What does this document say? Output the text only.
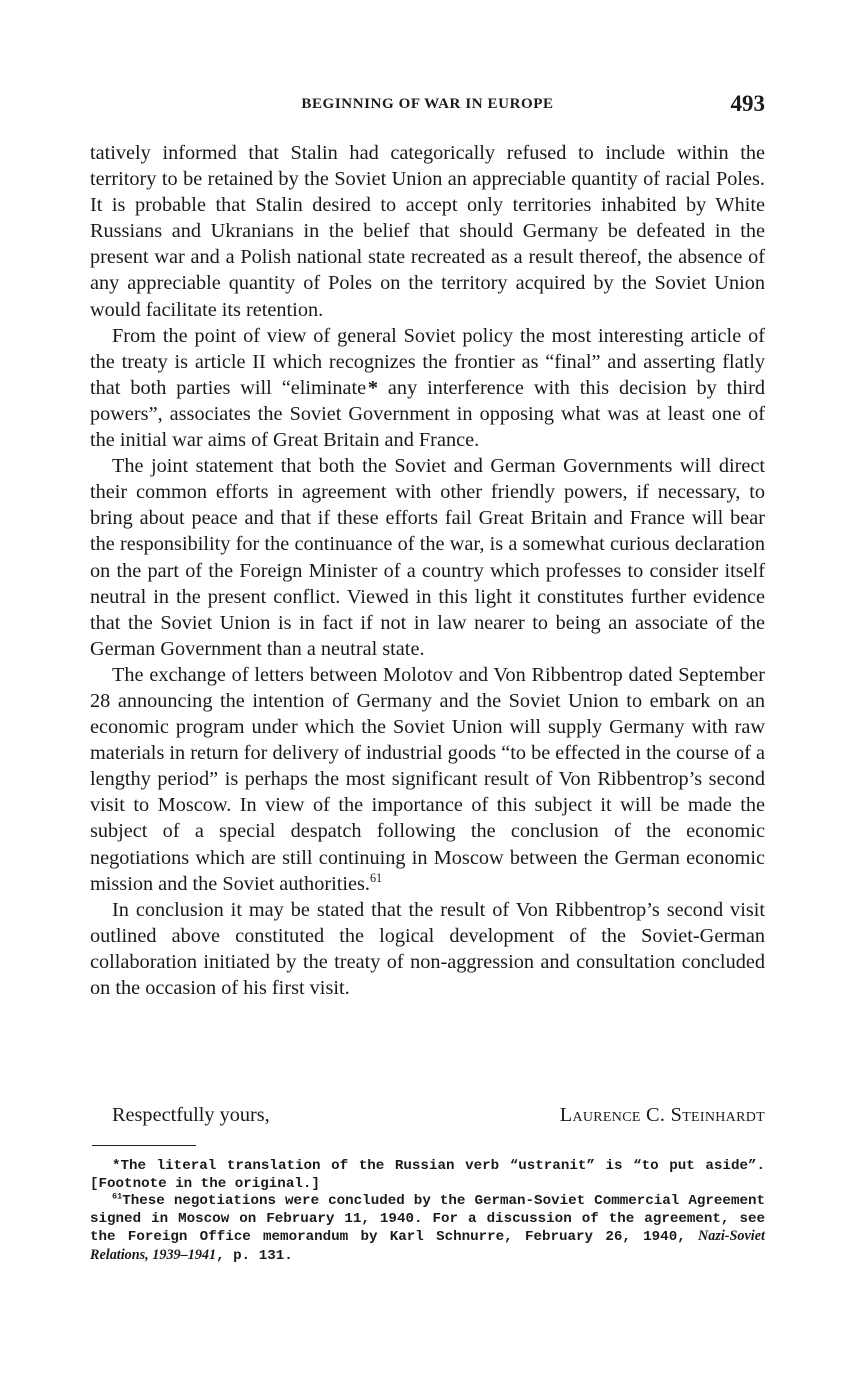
BEGINNING OF WAR IN EUROPE	493

tatively informed that Stalin had categorically refused to include within the territory to be retained by the Soviet Union an appreciable quantity of racial Poles. It is probable that Stalin desired to accept only territories inhabited by White Russians and Ukranians in the belief that should Germany be defeated in the present war and a Polish national state recreated as a result thereof, the absence of any appreciable quantity of Poles on the territory acquired by the Soviet Union would facilitate its retention.

From the point of view of general Soviet policy the most interesting article of the treaty is article II which recognizes the frontier as “final” and asserting flatly that both parties will “eliminate * any interference with this decision by third powers”, associates the Soviet Government in opposing what was at least one of the initial war aims of Great Britain and France.

The joint statement that both the Soviet and German Governments will direct their common efforts in agreement with other friendly powers, if necessary, to bring about peace and that if these efforts fail Great Britain and France will bear the responsibility for the continuance of the war, is a somewhat curious declaration on the part of the Foreign Minister of a country which professes to consider itself neutral in the present conflict. Viewed in this light it constitutes further evidence that the Soviet Union is in fact if not in law nearer to being an associate of the German Government than a neutral state.

The exchange of letters between Molotov and Von Ribbentrop dated September 28 announcing the intention of Germany and the Soviet Union to embark on an economic program under which the Soviet Union will supply Germany with raw materials in return for delivery of industrial goods “to be effected in the course of a lengthy period” is perhaps the most significant result of Von Ribbentrop’s second visit to Moscow. In view of the importance of this subject it will be made the subject of a special despatch following the conclusion of the economic negotiations which are still continuing in Moscow between the German economic mission and the Soviet authorities.$^{61}$

In conclusion it may be stated that the result of Von Ribbentrop’s second visit outlined above constituted the logical development of the Soviet-German collaboration initiated by the treaty of non-aggression and consultation concluded on the occasion of his first visit.

Respectfully yours,	Laurence C. Steinhardt

*The literal translation of the Russian verb “ustranit” is “to put aside”. [Footnote in the original.]

$^{61}$These negotiations were concluded by the German-Soviet Commercial Agreement signed in Moscow on February 11, 1940. For a discussion of the agreement, see the Foreign Office memorandum by Karl Schnurre, February 26, 1940, Nazi-Soviet Relations, 1939–1941, p. 131.
